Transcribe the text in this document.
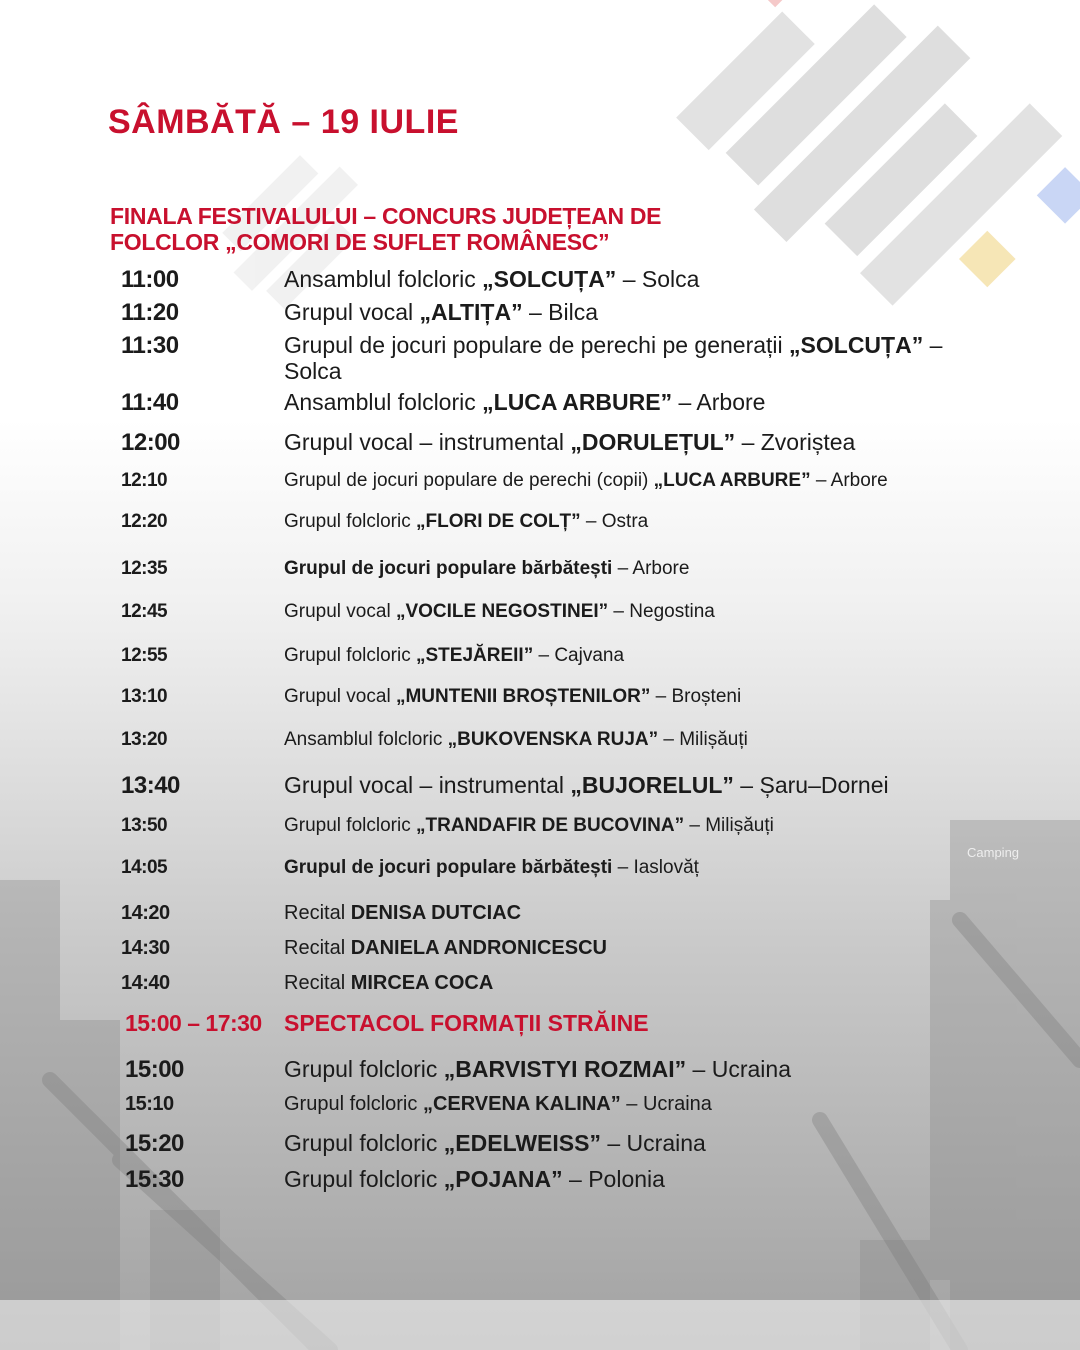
SÂMBĂTĂ – 19 IULIE
FINALA FESTIVALULUI – CONCURS JUDEȚEAN DE
FOLCLOR „COMORI DE SUFLET ROMÂNESC”
11:00	Ansamblul folcloric „SOLCUȚA” – Solca
11:20	Grupul vocal „ALTIȚA” – Bilca
11:30	Grupul de jocuri populare de perechi pe generații „SOLCUȚA” – Solca
11:40	Ansamblul folcloric „LUCA ARBURE” – Arbore
12:00	Grupul vocal – instrumental „DORULEȚUL” – Zvoriștea
12:10	Grupul de jocuri populare de perechi (copii) „LUCA ARBURE” – Arbore
12:20	Grupul folcloric „FLORI DE COLȚ” – Ostra
12:35	Grupul de jocuri populare bărbătești – Arbore
12:45	Grupul vocal „VOCILE NEGOSTINEI” – Negostina
12:55	Grupul folcloric „STEJĂREII” – Cajvana
13:10	Grupul vocal „MUNTENII BROȘTENILOR” – Broșteni
13:20	Ansamblul folcloric „BUKOVENSKA RUJA” – Milișăuți
13:40	Grupul vocal – instrumental „BUJORELUL” – Șaru–Dornei
13:50	Grupul folcloric „TRANDAFIR DE BUCOVINA” – Milișăuți
14:05	Grupul de jocuri populare bărbătești – Iaslovăț
14:20	Recital DENISA DUTCIAC
14:30	Recital DANIELA ANDRONICESCU
14:40	Recital MIRCEA COCA
15:00 – 17:30 SPECTACOL FORMAȚII STRĂINE
15:00	Grupul folcloric „BARVISTYI ROZMAI” – Ucraina
15:10	Grupul folcloric „CERVENA KALINA” – Ucraina
15:20	Grupul folcloric „EDELWEISS” – Ucraina
15:30	Grupul folcloric „POJANA” – Polonia
Camping
